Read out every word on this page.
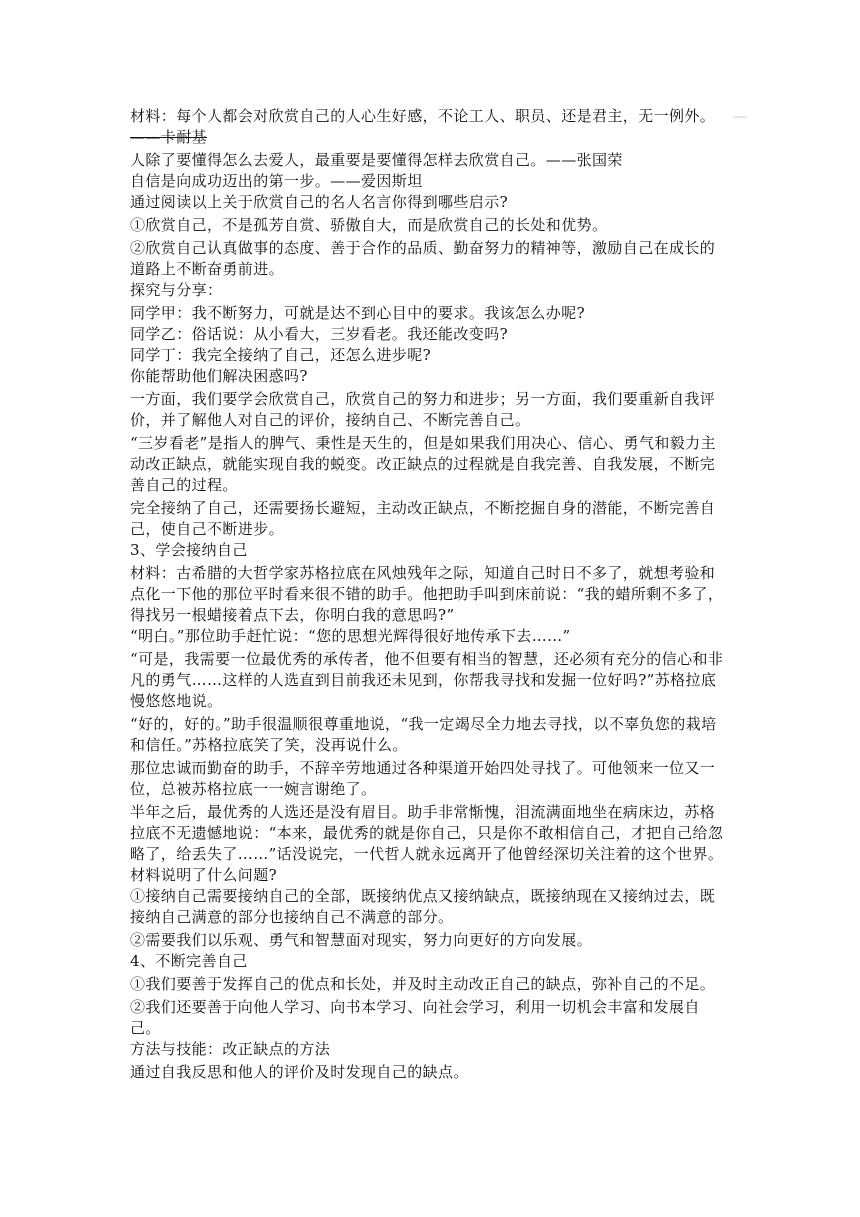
材料：每个人都会对欣赏自己的人心生好感，不论工人、职员、还是君主，无一例外。 —

——卡耐基

人除了要懂得怎么去爱人，最重要是要懂得怎样去欣赏自己。——张国荣

自信是向成功迈出的第一步。——爱因斯坦

通过阅读以上关于欣赏自己的名人名言你得到哪些启示?

①欣赏自己，不是孤芳自赏、骄傲自大，而是欣赏自己的长处和优势。

②欣赏自己认真做事的态度、善于合作的品质、勤奋努力的精神等，激励自己在成长的道路上不断奋勇前进。

探究与分享：

同学甲：我不断努力，可就是达不到心目中的要求。我该怎么办呢?

同学乙：俗话说：从小看大，三岁看老。我还能改变吗?

同学丁：我完全接纳了自己，还怎么进步呢?

你能帮助他们解决困惑吗?

一方面，我们要学会欣赏自己，欣赏自己的努力和进步；另一方面，我们要重新自我评价，并了解他人对自己的评价，接纳自己、不断完善自己。

“三岁看老”是指人的脾气、秉性是天生的，但是如果我们用决心、信心、勇气和毅力主动改正缺点，就能实现自我的蜕变。改正缺点的过程就是自我完善、自我发展，不断完善自己的过程。

完全接纳了自己，还需要扬长避短，主动改正缺点，不断挖掘自身的潜能，不断完善自己，使自己不断进步。

3、学会接纳自己

材料：古希腊的大哲学家苏格拉底在风烛残年之际，知道自己时日不多了，就想考验和点化一下他的那位平时看来很不错的助手。他把助手叫到床前说：“我的蜡所剩不多了，得找另一根蜡接着点下去，你明白我的意思吗?”

“明白。”那位助手赶忙说：“您的思想光辉得很好地传承下去……”

“可是，我需要一位最优秀的承传者，他不但要有相当的智慧，还必须有充分的信心和非凡的勇气……这样的人选直到目前我还未见到，你帮我寻找和发掘一位好吗?”苏格拉底慢悠悠地说。

“好的，好的。”助手很温顺很尊重地说，“我一定竭尽全力地去寻找，以不辜负您的栽培和信任。”苏格拉底笑了笑，没再说什么。

那位忠诚而勤奋的助手，不辞辛劳地通过各种渠道开始四处寻找了。可他领来一位又一位，总被苏格拉底一一婉言谢绝了。

半年之后，最优秀的人选还是没有眉目。助手非常惭愧，泪流满面地坐在病床边，苏格拉底不无遗憾地说：“本来，最优秀的就是你自己，只是你不敢相信自己，才把自己给忽略了，给丢失了……”话没说完，一代哲人就永远离开了他曾经深切关注着的这个世界。

材料说明了什么问题?

①接纳自己需要接纳自己的全部，既接纳优点又接纳缺点，既接纳现在又接纳过去，既接纳自己满意的部分也接纳自己不满意的部分。

②需要我们以乐观、勇气和智慧面对现实，努力向更好的方向发展。

4、不断完善自己

①我们要善于发挥自己的优点和长处，并及时主动改正自己的缺点，弥补自己的不足。

②我们还要善于向他人学习、向书本学习、向社会学习，利用一切机会丰富和发展自己。

方法与技能：改正缺点的方法

通过自我反思和他人的评价及时发现自己的缺点。
